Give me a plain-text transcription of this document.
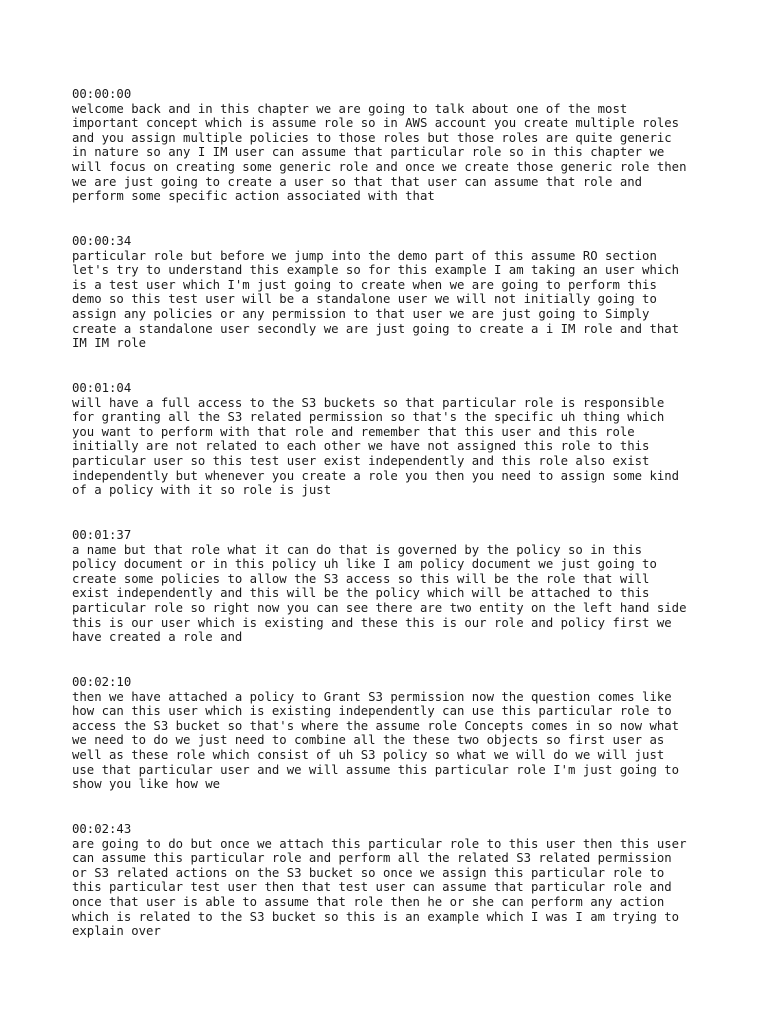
00:00:00
welcome back and in this chapter we are going to talk about one of the most
important concept which is assume role so in AWS account you create multiple roles
and you assign multiple policies to those roles but those roles are quite generic
in nature so any I IM user can assume that particular role so in this chapter we
will focus on creating some generic role and once we create those generic role then
we are just going to create a user so that that user can assume that role and
perform some specific action associated with that
00:00:34
particular role but before we jump into the demo part of this assume RO section
let's try to understand this example so for this example I am taking an user which
is a test user which I'm just going to create when we are going to perform this
demo so this test user will be a standalone user we will not initially going to
assign any policies or any permission to that user we are just going to Simply
create a standalone user secondly we are just going to create a i IM role and that
IM IM role
00:01:04
will have a full access to the S3 buckets so that particular role is responsible
for granting all the S3 related permission so that's the specific uh thing which
you want to perform with that role and remember that this user and this role
initially are not related to each other we have not assigned this role to this
particular user so this test user exist independently and this role also exist
independently but whenever you create a role you then you need to assign some kind
of a policy with it so role is just
00:01:37
a name but that role what it can do that is governed by the policy so in this
policy document or in this policy uh like I am policy document we just going to
create some policies to allow the S3 access so this will be the role that will
exist independently and this will be the policy which will be attached to this
particular role so right now you can see there are two entity on the left hand side
this is our user which is existing and these this is our role and policy first we
have created a role and
00:02:10
then we have attached a policy to Grant S3 permission now the question comes like
how can this user which is existing independently can use this particular role to
access the S3 bucket so that's where the assume role Concepts comes in so now what
we need to do we just need to combine all the these two objects so first user as
well as these role which consist of uh S3 policy so what we will do we will just
use that particular user and we will assume this particular role I'm just going to
show you like how we
00:02:43
are going to do but once we attach this particular role to this user then this user
can assume this particular role and perform all the related S3 related permission
or S3 related actions on the S3 bucket so once we assign this particular role to
this particular test user then that test user can assume that particular role and
once that user is able to assume that role then he or she can perform any action
which is related to the S3 bucket so this is an example which I was I am trying to
explain over
